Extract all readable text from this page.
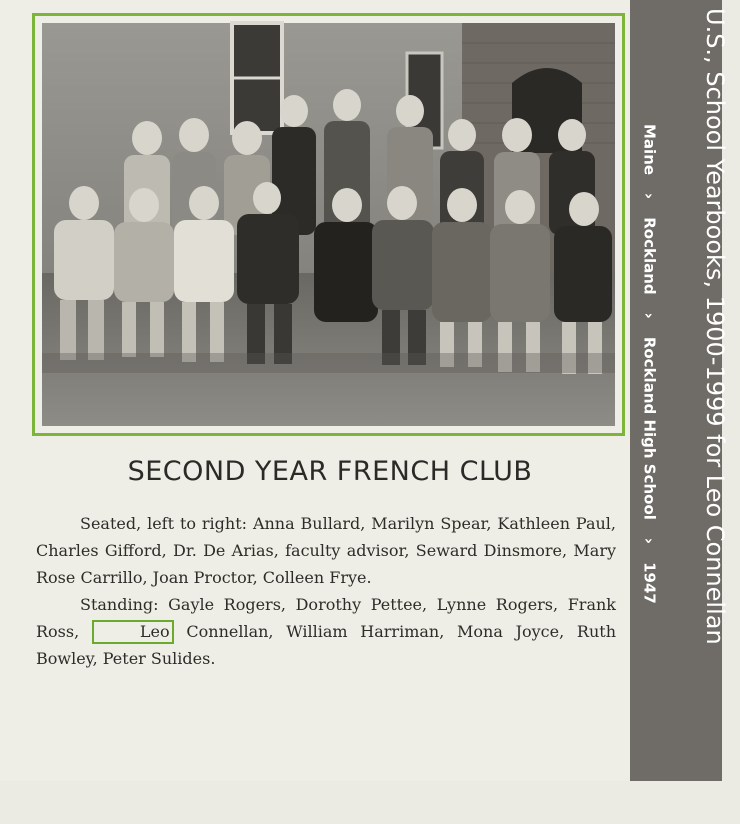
SECOND YEAR FRENCH CLUB

Seated, left to right: Anna Bullard, Marilyn Spear, Kathleen Paul, Charles Gifford, Dr. De Arias, faculty advisor, Seward Dinsmore, Mary Rose Carrillo, Joan Proctor, Colleen Frye.

Standing: Gayle Rogers, Dorothy Pettee, Lynne Rogers, Frank Ross,	Leo Connellan, William Harriman, Mona Joyce, Ruth Bowley, Peter Sulides.

U.S., School Yearbooks, 1900-1999 for Leo Connellan
Maine›Rockland›Rockland High School›1947
